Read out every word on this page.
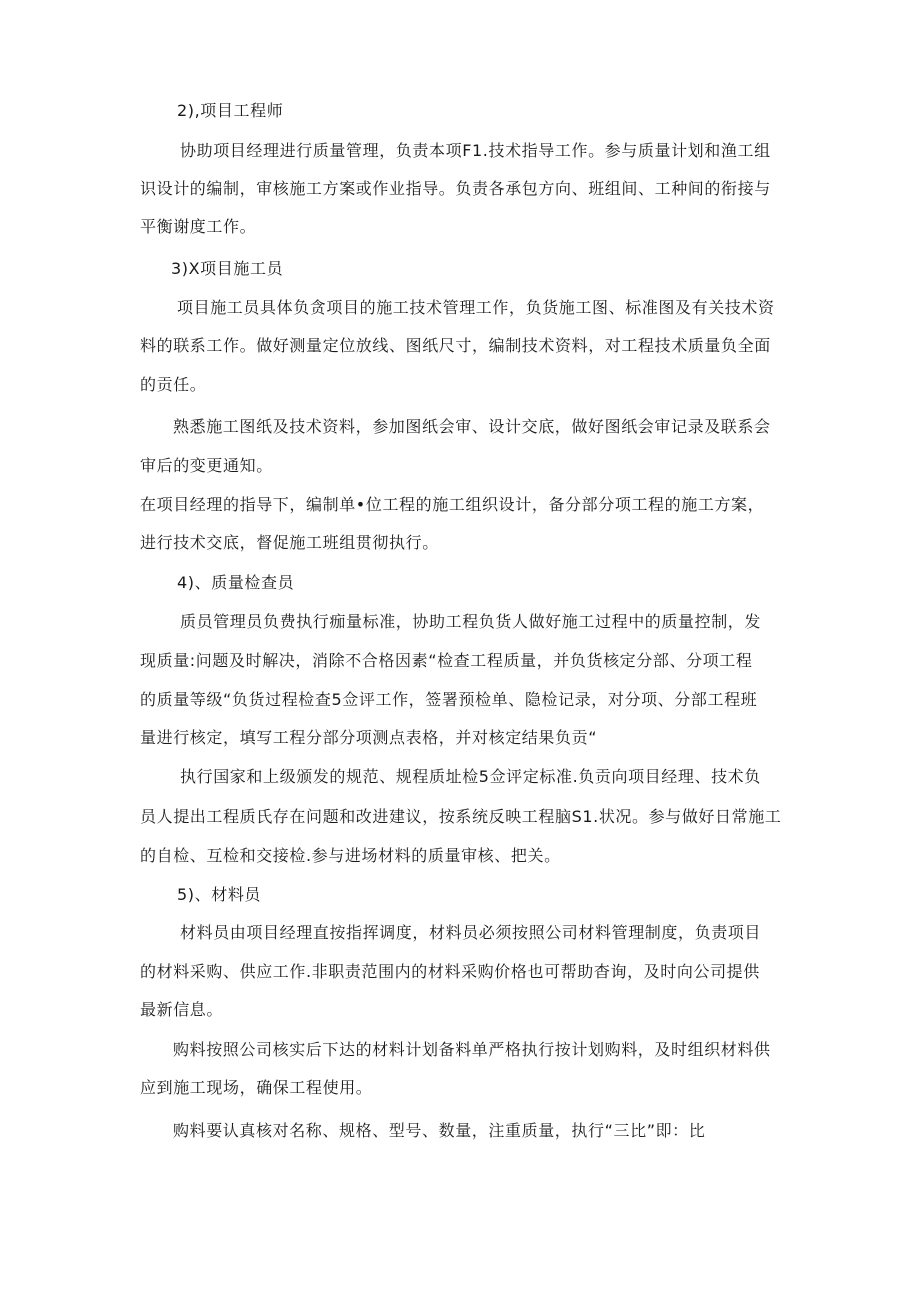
2),项目工程师

协助项目经理进行质量管理，负责本项F1.技术指导工作。参与质量计划和渔工组

识设计的编制，审核施工方案或作业指导。负责各承包方向、班组间、工种间的衔接与

平衡谢度工作。

3)X项目施工员

项目施工员具体负贪项目的施工技术管理工作，负货施工图、标准图及有关技术资

料的联系工作。做好测量定位放线、图纸尺寸，编制技术资料，对工程技术质量负全面

的贡任。

熟悉施工图纸及技术资料，参加图纸会审、设计交底，做好图纸会审记录及联系会

审后的变更通知。

在项目经理的指导下，编制单•位工程的施工组织设计，备分部分项工程的施工方案，

进行技术交底，督促施工班组贯彻执行。

4)、质量检查员

质员管理员负费执行痂量标准，协助工程负货人做好施工过程中的质量控制，发

现质量:问题及时解决，消除不合格因素“检查工程质量，并负货核定分部、分项工程

的质量等级“负货过程检查5佥评工作，签署预检单、隐检记录，对分项、分部工程班

量进行核定，填写工程分部分项测点表格，并对核定结果负贡“

执行国家和上级颁发的规范、规程质址检5佥评定标准.负贡向项目经理、技术负

员人提出工程质氏存在问题和改进建议，按系统反映工程脑S1.状况。参与做好日常施工

的自检、互检和交接检.参与进场材料的质量审核、把关。

5)、材料员

材料员由项目经理直按指挥调度，材料员必须按照公司材料管理制度，负责项目

的材料采购、供应工作.非职责范围内的材料采购价格也可帮助杳询，及时向公司提供

最新信息。

购料按照公司核实后下达的材料计划备料单严格执行按计划购料，及时组织材料供

应到施工现场，确保工程使用。

购料要认真核对名称、规格、型号、数量，注重质量，执行“三比”即：比
